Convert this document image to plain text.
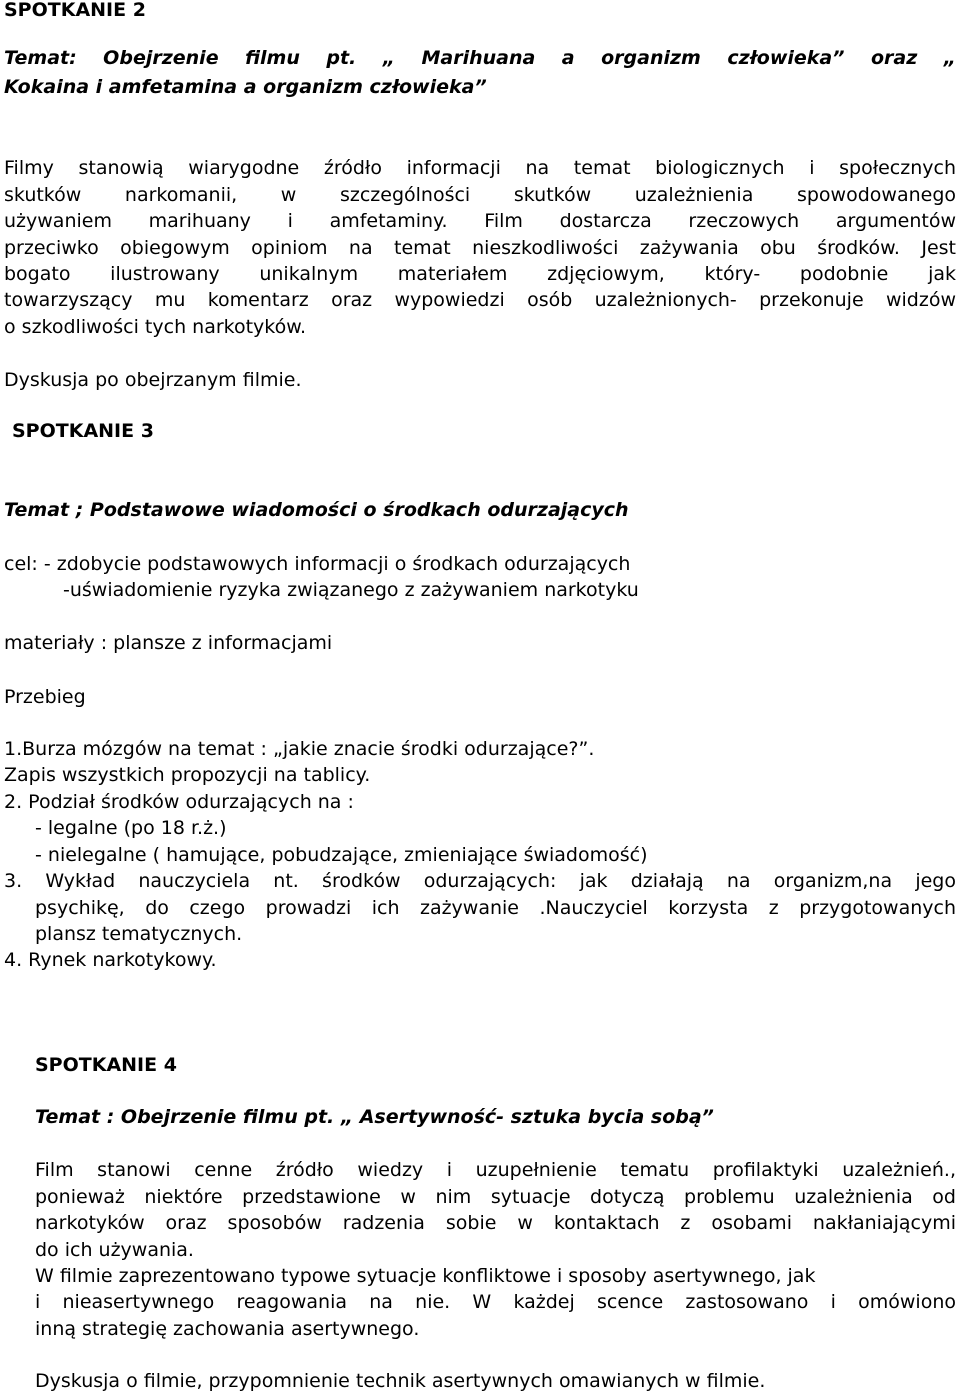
SPOTKANIE 2

Temat: Obejrzenie filmu pt. „ Marihuana a organizm człowieka” oraz „

Kokaina i amfetamina a organizm człowieka”

Filmy stanowią wiarygodne źródło informacji na temat biologicznych i społecznych

skutków narkomanii, w szczególności skutków uzależnienia spowodowanego

używaniem marihuany i amfetaminy. Film dostarcza rzeczowych argumentów

przeciwko obiegowym opiniom na temat nieszkodliwości zażywania obu środków. Jest

bogato ilustrowany unikalnym materiałem zdjęciowym, który- podobnie jak

towarzyszący mu komentarz oraz wypowiedzi osób uzależnionych- przekonuje widzów

o szkodliwości tych narkotyków.

Dyskusja po obejrzanym filmie.

SPOTKANIE 3

Temat ; Podstawowe wiadomości o środkach odurzających

cel: - zdobycie podstawowych informacji o środkach odurzających

-uświadomienie ryzyka związanego z zażywaniem narkotyku

materiały : plansze z informacjami

Przebieg

1.Burza mózgów na temat : „jakie znacie środki odurzające?”.

Zapis wszystkich propozycji na tablicy.

2. Podział środków odurzających na :

- legalne (po 18 r.ż.)

- nielegalne ( hamujące, pobudzające, zmieniające świadomość)

3. Wykład nauczyciela nt. środków odurzających: jak działają na organizm,na jego

psychikę, do czego prowadzi ich zażywanie .Nauczyciel korzysta z przygotowanych

plansz tematycznych.

4. Rynek narkotykowy.

SPOTKANIE 4

Temat : Obejrzenie filmu pt. „ Asertywność- sztuka bycia sobą”

Film stanowi cenne źródło wiedzy i uzupełnienie tematu profilaktyki uzależnień.,

ponieważ niektóre przedstawione w nim sytuacje dotyczą problemu uzależnienia od

narkotyków oraz sposobów radzenia sobie w kontaktach z osobami nakłaniającymi

do ich używania.

W filmie zaprezentowano typowe sytuacje konfliktowe i sposoby asertywnego, jak

i nieasertywnego reagowania na nie. W każdej scence zastosowano i omówiono

inną strategię zachowania asertywnego.

Dyskusja o filmie, przypomnienie technik asertywnych omawianych w filmie.
